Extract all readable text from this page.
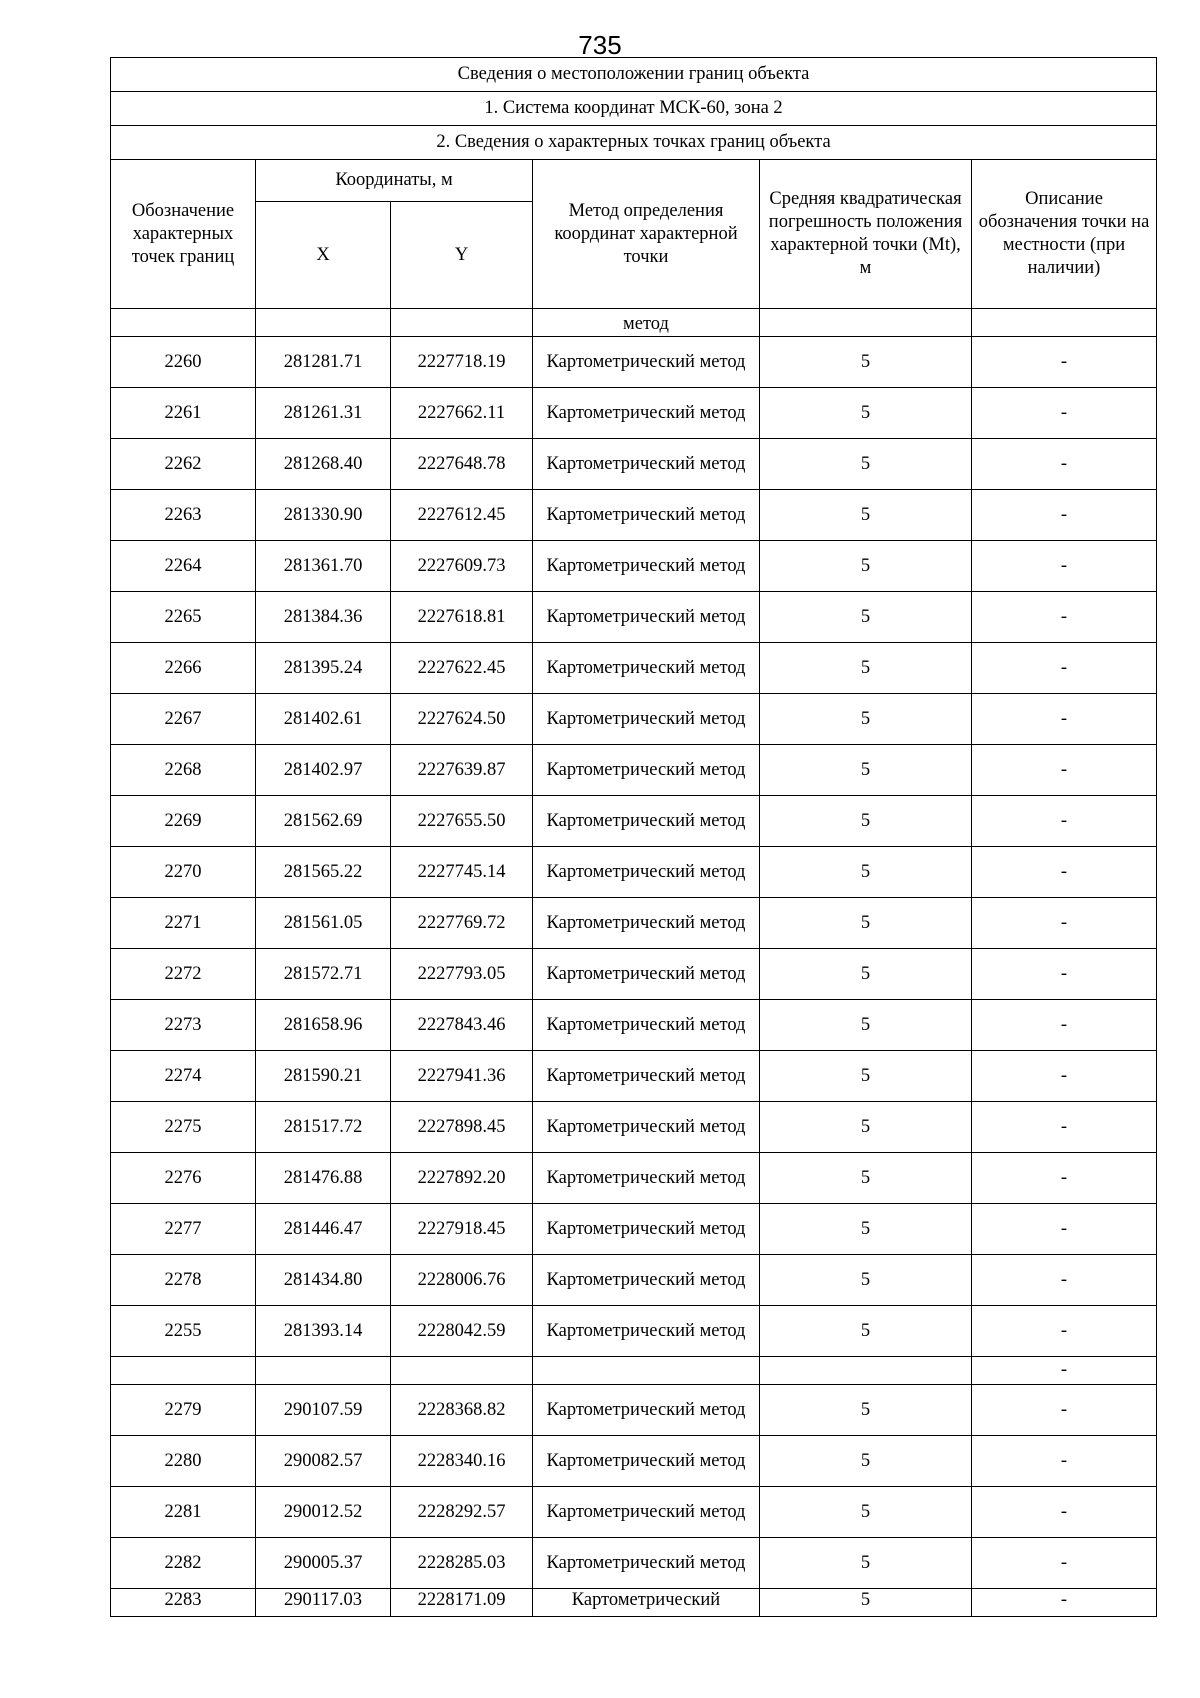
735
Сведения о местоположении границ объекта					
1. Система координат МСК-60, зона 2					
2. Сведения о характерных точках границ объекта					
Обозначение характерных точек границ	Координаты, м		Метод определения координат характерной точки	Средняя квадратическая погрешность положения характерной точки (Mt), м	Описание обозначения точки на местности (при наличии)
	X	Y			
			метод		
2260	281281.71	2227718.19	Картометрический метод	5	-
2261	281261.31	2227662.11	Картометрический метод	5	-
2262	281268.40	2227648.78	Картометрический метод	5	-
2263	281330.90	2227612.45	Картометрический метод	5	-
2264	281361.70	2227609.73	Картометрический метод	5	-
2265	281384.36	2227618.81	Картометрический метод	5	-
2266	281395.24	2227622.45	Картометрический метод	5	-
2267	281402.61	2227624.50	Картометрический метод	5	-
2268	281402.97	2227639.87	Картометрический метод	5	-
2269	281562.69	2227655.50	Картометрический метод	5	-
2270	281565.22	2227745.14	Картометрический метод	5	-
2271	281561.05	2227769.72	Картометрический метод	5	-
2272	281572.71	2227793.05	Картометрический метод	5	-
2273	281658.96	2227843.46	Картометрический метод	5	-
2274	281590.21	2227941.36	Картометрический метод	5	-
2275	281517.72	2227898.45	Картометрический метод	5	-
2276	281476.88	2227892.20	Картометрический метод	5	-
2277	281446.47	2227918.45	Картометрический метод	5	-
2278	281434.80	2228006.76	Картометрический метод	5	-
2255	281393.14	2228042.59	Картометрический метод	5	-
					-
2279	290107.59	2228368.82	Картометрический метод	5	-
2280	290082.57	2228340.16	Картометрический метод	5	-
2281	290012.52	2228292.57	Картометрический метод	5	-
2282	290005.37	2228285.03	Картометрический метод	5	-
2283	290117.03	2228171.09	Картометрический	5	-
